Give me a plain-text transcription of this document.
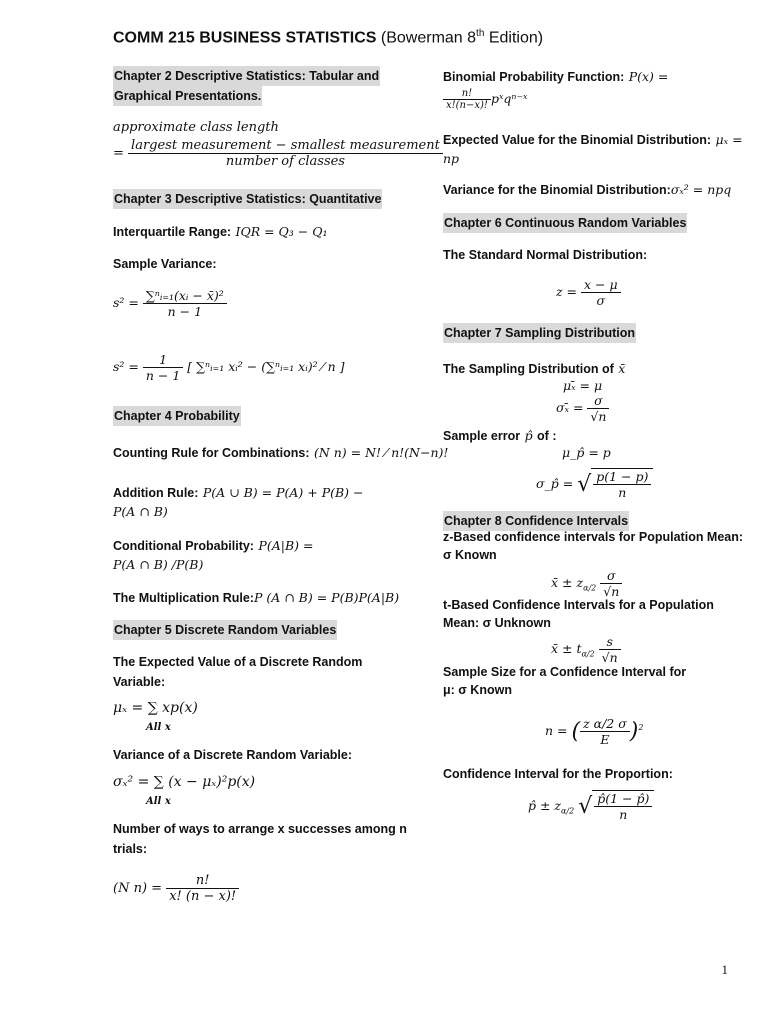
COMM 215 BUSINESS STATISTICS (Bowerman 8th Edition)
Chapter 2 Descriptive Statistics: Tabular and
Graphical Presentations.
approximate class length
= $\frac{\text{largest measurement − smallest measurement}}{\text{number of classes}}$
Chapter 3 Descriptive Statistics: Quantitative
Interquartile Range: IQR = Q₃ − Q₁
Sample Variance:
$s^2 = \frac{\text{∑ⁿᵢ₌₁(xᵢ − x̄)²}}{n - 1}$
$s^2 = \frac{1}{n - 1}$ [ ∑ⁿᵢ₌₁ xᵢ² − (∑ⁿᵢ₌₁ xᵢ)² ⁄ n ]
Chapter 4 Probability
Counting Rule for Combinations: (N n) = N! ⁄ n!(N−n)!
Addition Rule: P(A ∪ B) = P(A) + P(B) −
P(A ∩ B)
Conditional Probability: P(A|B) =
P(A ∩ B) /P(B)
The Multiplication Rule:P (A ∩ B) = P(B)P(A|B)
Chapter 5 Discrete Random Variables
The Expected Value of a Discrete Random
Variable:
μₓ = ∑ xp(x)
All x
Variance of a Discrete Random Variable:
σₓ² = ∑ (x − μₓ)²p(x)
All x
Number of ways to arrange x successes among n
trials:
(N $n) = \frac{n!}{x! (n - x)!}$
Binomial Probability Function: P(x) =
$\frac{n!}{x!(n-x)!}$ pˣqⁿ⁻ˣ
Expected Value for the Binomial Distribution: μₓ =
np
Variance for the Binomial Distribution:σₓ² = npq
Chapter 6 Continuous Random Variables
The Standard Normal Distribution:
$z = \frac{x - \mu}{\sigma}$
Chapter 7 Sampling Distribution
The Sampling Distribution of x̄
μₓ̄ = μ
σₓ̄ = $\frac{\sigma}{√n}$
Sample error p̂ of :
μ_p̂ = p
σ_p̂ = √ $\frac{p(1 - p)}{n}$
Chapter 8 Confidence Intervals
z-Based confidence intervals for Population Mean:
σ Known
x̄ ± $z_{\alpha/2} \frac{\sigma}{√n}$
t-Based Confidence Intervals for a Population
Mean: σ Unknown
x̄ ± $t_{\alpha/2} \frac{s}{√n}$
Sample Size for a Confidence Interval for
μ: σ Known
n = ( $\frac{\text{z α/2 σ}}{E} )^2$
Confidence Interval for the Proportion:
p̂ ± $z_{\alpha/2}$ √ $\frac{p̂(1 - p̂)}{n}$
1
